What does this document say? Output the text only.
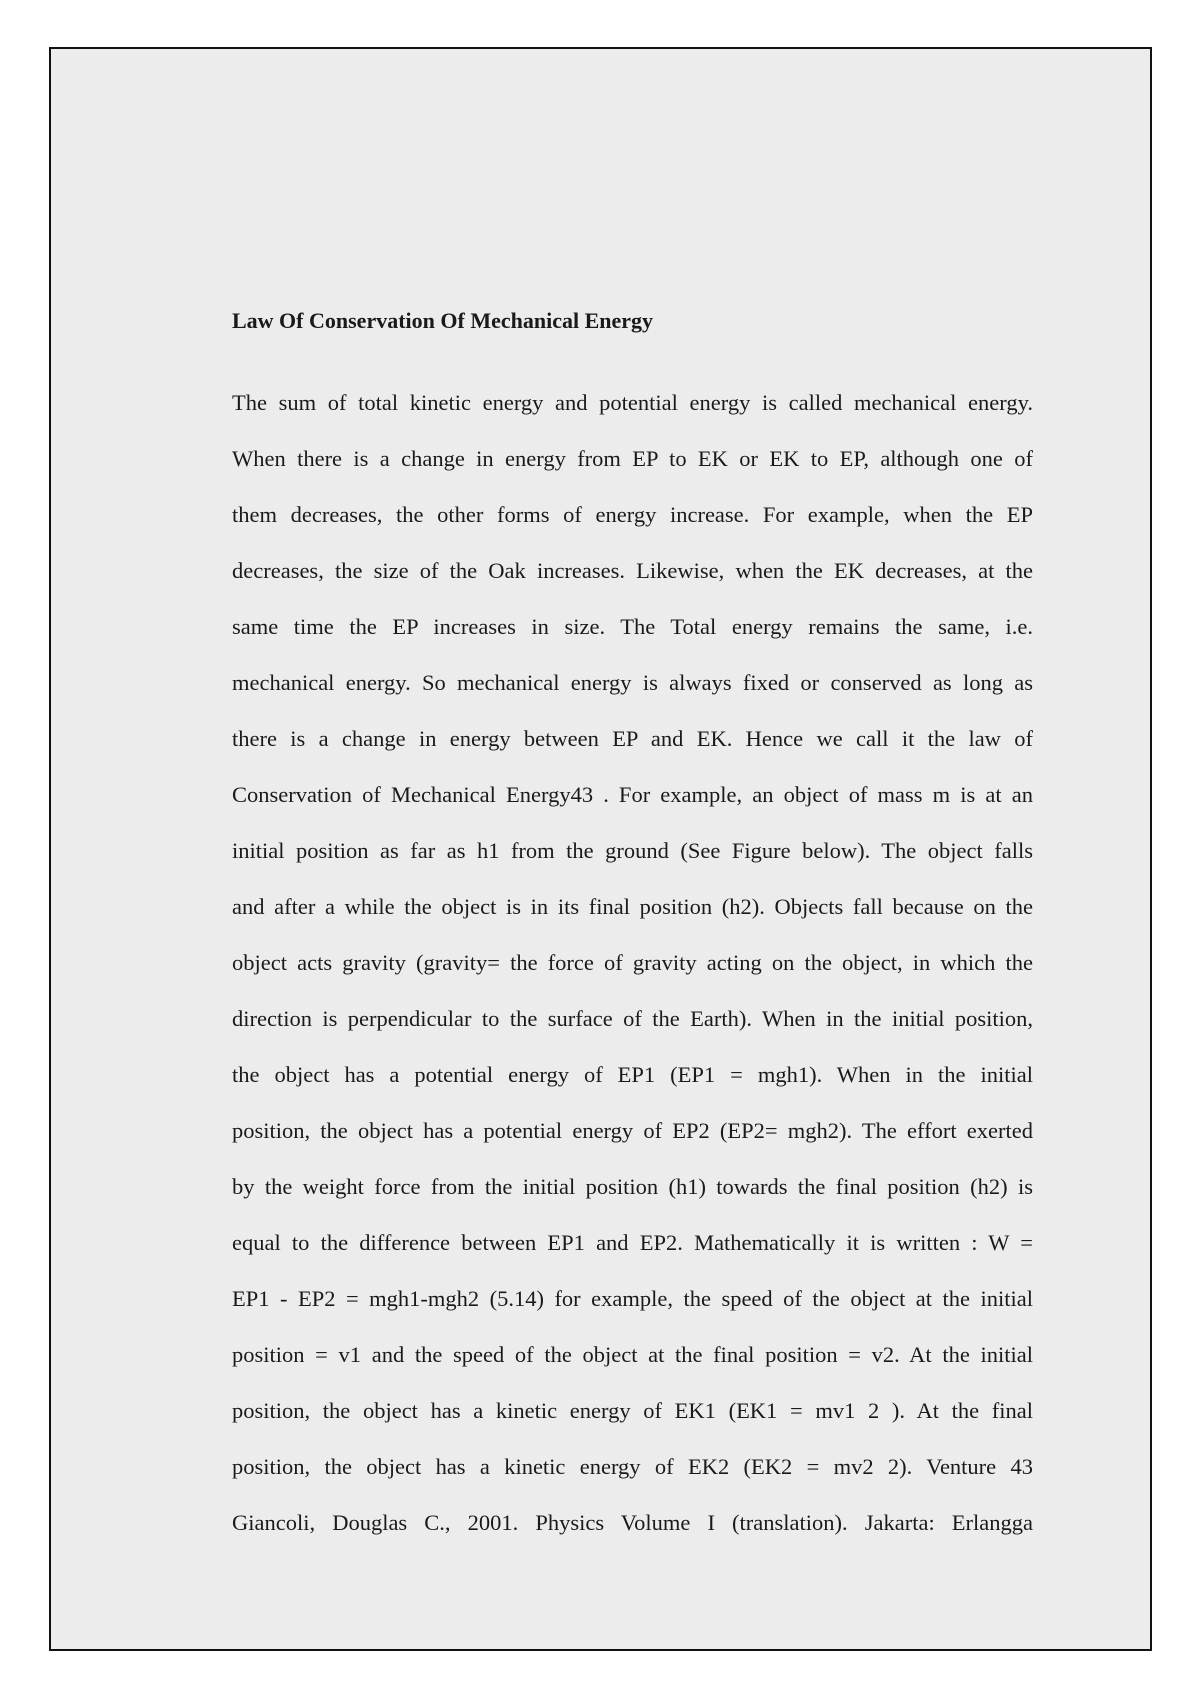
Law Of Conservation Of Mechanical Energy
The sum of total kinetic energy and potential energy is called mechanical energy.
When there is a change in energy from EP to EK or EK to EP, although one of
them decreases, the other forms of energy increase. For example, when the EP
decreases, the size of the Oak increases. Likewise, when the EK decreases, at the
same time the EP increases in size. The Total energy remains the same, i.e.
mechanical energy. So mechanical energy is always fixed or conserved as long as
there is a change in energy between EP and EK. Hence we call it the law of
Conservation of Mechanical Energy43 . For example, an object of mass m is at an
initial position as far as h1 from the ground (See Figure below). The object falls
and after a while the object is in its final position (h2). Objects fall because on the
object acts gravity (gravity= the force of gravity acting on the object, in which the
direction is perpendicular to the surface of the Earth). When in the initial position,
the object has a potential energy of EP1 (EP1 = mgh1). When in the initial
position, the object has a potential energy of EP2 (EP2= mgh2). The effort exerted
by the weight force from the initial position (h1) towards the final position (h2) is
equal to the difference between EP1 and EP2. Mathematically it is written : W =
EP1 - EP2 = mgh1-mgh2 (5.14) for example, the speed of the object at the initial
position = v1 and the speed of the object at the final position = v2. At the initial
position, the object has a kinetic energy of EK1 (EK1 = mv1 2 ). At the final
position, the object has a kinetic energy of EK2 (EK2 = mv2 2). Venture 43
Giancoli, Douglas C., 2001. Physics Volume I (translation). Jakarta: Erlangga
